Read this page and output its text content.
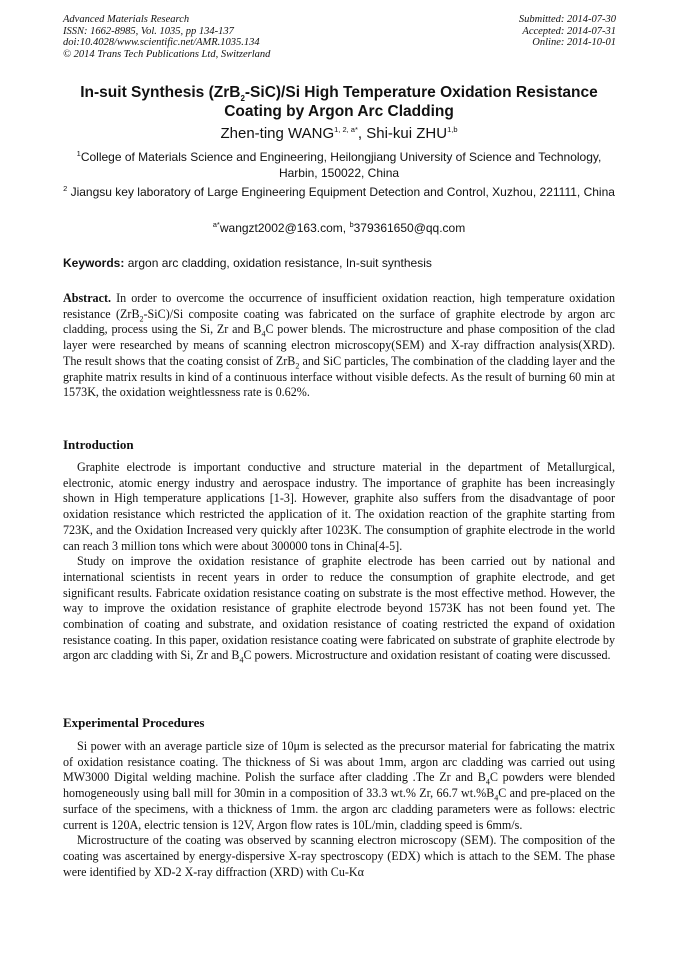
Advanced Materials Research
ISSN: 1662-8985, Vol. 1035, pp 134-137
doi:10.4028/www.scientific.net/AMR.1035.134
© 2014 Trans Tech Publications Ltd, Switzerland
Submitted: 2014-07-30
Accepted: 2014-07-31
Online: 2014-10-01
In-suit Synthesis (ZrB$_2$-SiC)/Si High Temperature Oxidation Resistance Coating by Argon Arc Cladding
Zhen-ting $WANG^{1, 2, a*}$, Shi-kui ZHU$^{1,b}$
$^1$College of Materials Science and Engineering, Heilongjiang University of Science and Technology, Harbin, 150022, China
$^2$ Jiangsu key laboratory of Large Engineering Equipment Detection and Control, Xuzhou, 221111, China
$^{a*}$wangzt2002@163.com, $^b$379361650@qq.com
Keywords: argon arc cladding, oxidation resistance, In-suit synthesis

Abstract. In order to overcome the occurrence of insufficient oxidation reaction, high temperature oxidation resistance (ZrB$_2$-SiC)/Si composite coating was fabricated on the surface of graphite electrode by argon arc cladding, process using the Si, Zr and $B_4C$ power blends. The microstructure and phase composition of the clad layer were researched by means of scanning electron microscopy(SEM) and X-ray diffraction analysis(XRD). The result shows that the coating consist of ZrB$_2$ and SiC particles, The combination of the cladding layer and the graphite matrix results in kind of a continuous interface without visible defects. As the result of burning 60 min at 1573K, the oxidation weightlessness rate is 0.62%.

Introduction

Graphite electrode is important conductive and structure material in the department of Metallurgical, electronic, atomic energy industry and aerospace industry. The importance of graphite has been increasingly shown in High temperature applications [1-3]. However, graphite also suffers from the disadvantage of poor oxidation resistance which restricted the application of it. The oxidation reaction of the graphite starting from 723K, and the Oxidation Increased very quickly after 1023K. The consumption of graphite electrode in the world can reach 3 million tons which were about 300000 tons in China[4-5].

Study on improve the oxidation resistance of graphite electrode has been carried out by national and international scientists in recent years in order to reduce the consumption of graphite electrode, and get significant results. Fabricate oxidation resistance coating on substrate is the most effective method. However, the way to improve the oxidation resistance of graphite electrode beyond 1573K has not been found yet. The combination of coating and substrate, and oxidation resistance of coating restricted the expand of oxidation resistance coating. In this paper, oxidation resistance coating were fabricated on substrate of graphite electrode by argon arc cladding with Si, Zr and $B_4C$ powers. Microstructure and oxidation resistant of coating were discussed.

Experimental Procedures

Si power with an average particle size of 10μm is selected as the precursor material for fabricating the matrix of oxidation resistance coating. The thickness of Si was about 1mm, argon arc cladding was carried out using MW3000 Digital welding machine. Polish the surface after cladding .The Zr and $B_4C$ powders were blended homogeneously using ball mill for 30min in a composition of 33.3 wt.% Zr, 66.7 $wt.\%B_4C$ and pre-placed on the surface of the specimens, with a thickness of 1mm. the argon arc cladding parameters were as follows: electric current is 120A, electric tension is 12V, Argon flow rates is 10L/min, cladding speed is 6mm/s.

Microstructure of the coating was observed by scanning electron microscopy (SEM). The composition of the coating was ascertained by energy-dispersive X-ray spectroscopy (EDX) which is attach to the SEM. The phase were identified by XD-2 X-ray diffraction (XRD) with Cu-Kα
